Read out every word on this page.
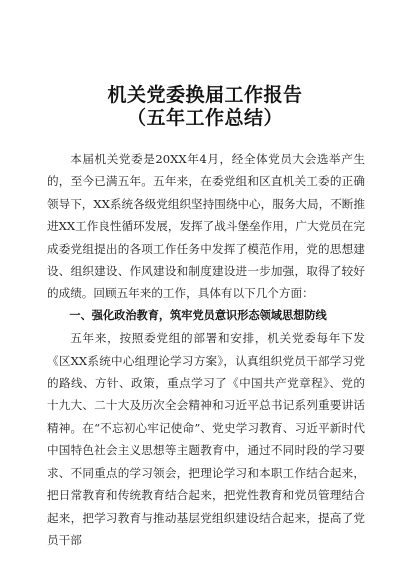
机关党委换届工作报告
（五年工作总结）

本届机关党委是20XX年4月，经全体党员大会选举产生的，至今已满五年。五年来，在委党组和区直机关工委的正确领导下，XX系统各级党组织坚持围绕中心，服务大局，不断推进XX工作良性循环发展，发挥了战斗堡垒作用，广大党员在完成委党组提出的各项工作任务中发挥了模范作用，党的思想建设、组织建设、作风建设和制度建设进一步加强，取得了较好的成绩。回顾五年来的工作，具体有以下几个方面：

一、强化政治教育，筑牢党员意识形态领域思想防线

五年来，按照委党组的部署和安排，机关党委每年下发《区XX系统中心组理论学习方案》，认真组织党员干部学习党的路线、方针、政策，重点学习了《中国共产党章程》、党的十九大、二十大及历次全会精神和习近平总书记系列重要讲话精神。在“不忘初心牢记使命”、党史学习教育、习近平新时代中国特色社会主义思想等主题教育中，通过不同时段的学习要求、不同重点的学习领会，把理论学习和本职工作结合起来，把日常教育和传统教育结合起来，把党性教育和党员管理结合起来，把学习教育与推动基层党组织建设结合起来，提高了党员干部
